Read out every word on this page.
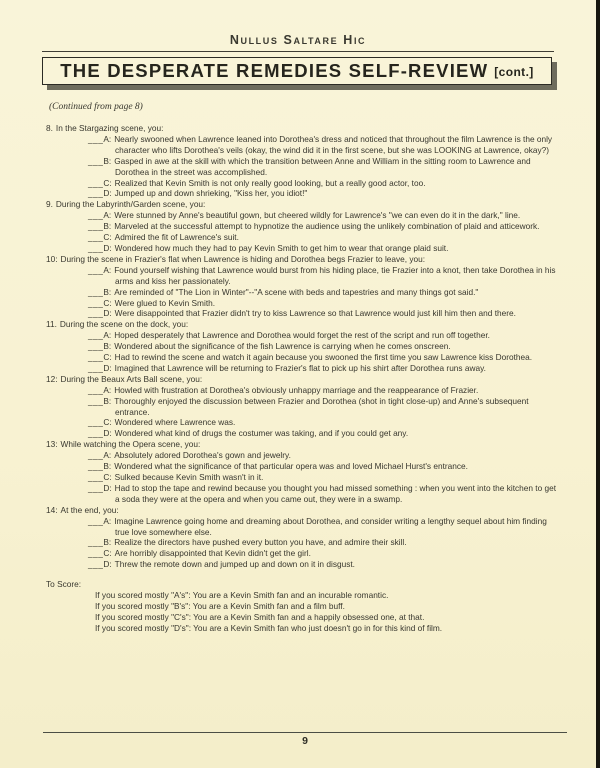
Nullus Saltare Hic
THE DESPERATE REMEDIES SELF-REVIEW [cont.]
(Continued from page 8)
8. In the Stargazing scene, you:
___A: Nearly swooned when Lawrence leaned into Dorothea's dress and noticed that throughout the film Lawrence is the only character who lifts Dorothea's veils (okay, the wind did it in the first scene, but she was LOOKING at Lawrence, okay?)
___B: Gasped in awe at the skill with which the transition between Anne and William in the sitting room to Lawrence and Dorothea in the street was accomplished.
___C: Realized that Kevin Smith is not only really good looking, but a really good actor, too.
___D: Jumped up and down shrieking, "Kiss her, you idiot!"
9. During the Labyrinth/Garden scene, you:
___A: Were stunned by Anne's beautiful gown, but cheered wildly for Lawrence's "we can even do it in the dark," line.
___B: Marveled at the successful attempt to hypnotize the audience using the unlikely combination of plaid and atticework.
___C: Admired the fit of Lawrence's suit.
___D: Wondered how much they had to pay Kevin Smith to get him to wear that orange plaid suit.
10: During the scene in Frazier's flat when Lawrence is hiding and Dorothea begs Frazier to leave, you:
___A: Found yourself wishing that Lawrence would burst from his hiding place, tie Frazier into a knot, then take Dorothea in his arms and kiss her passionately.
___B: Are reminded of "The Lion in Winter"--"A scene with beds and tapestries and many things got said."
___C: Were glued to Kevin Smith.
___D: Were disappointed that Frazier didn't try to kiss Lawrence so that Lawrence would just kill him then and there.
11. During the scene on the dock, you:
___A: Hoped desperately that Lawrence and Dorothea would forget the rest of the script and run off together.
___B: Wondered about the significance of the fish Lawrence is carrying when he comes onscreen.
___C: Had to rewind the scene and watch it again because you swooned the first time you saw Lawrence kiss Dorothea.
___D: Imagined that Lawrence will be returning to Frazier's flat to pick up his shirt after Dorothea runs away.
12: During the Beaux Arts Ball scene, you:
___A: Howled with frustration at Dorothea's obviously unhappy marriage and the reappearance of Frazier.
___B: Thoroughly enjoyed the discussion between Frazier and Dorothea (shot in tight close-up) and Anne's subsequent entrance.
___C: Wondered where Lawrence was.
___D: Wondered what kind of drugs the costumer was taking, and if you could get any.
13: While watching the Opera scene, you:
___A: Absolutely adored Dorothea's gown and jewelry.
___B: Wondered what the significance of that particular opera was and loved Michael Hurst's entrance.
___C: Sulked because Kevin Smith wasn't in it.
___D: Had to stop the tape and rewind because you thought you had missed something : when you went into the kitchen to get a soda they were at the opera and when you came out, they were in a swamp.
14: At the end, you:
___A: Imagine Lawrence going home and dreaming about Dorothea, and consider writing a lengthy sequel about him finding true love somewhere else.
___B: Realize the directors have pushed every button you have, and admire their skill.
___C: Are horribly disappointed that Kevin didn't get the girl.
___D: Threw the remote down and jumped up and down on it in disgust.
To Score:
If you scored mostly "A's": You are a Kevin Smith fan and an incurable romantic.
If you scored mostly "B's": You are a Kevin Smith fan and a film buff.
If you scored mostly "C's": You are a Kevin Smith fan and a happily obsessed one, at that.
If you scored mostly "D's": You are a Kevin Smith fan who just doesn't go in for this kind of film.
9
